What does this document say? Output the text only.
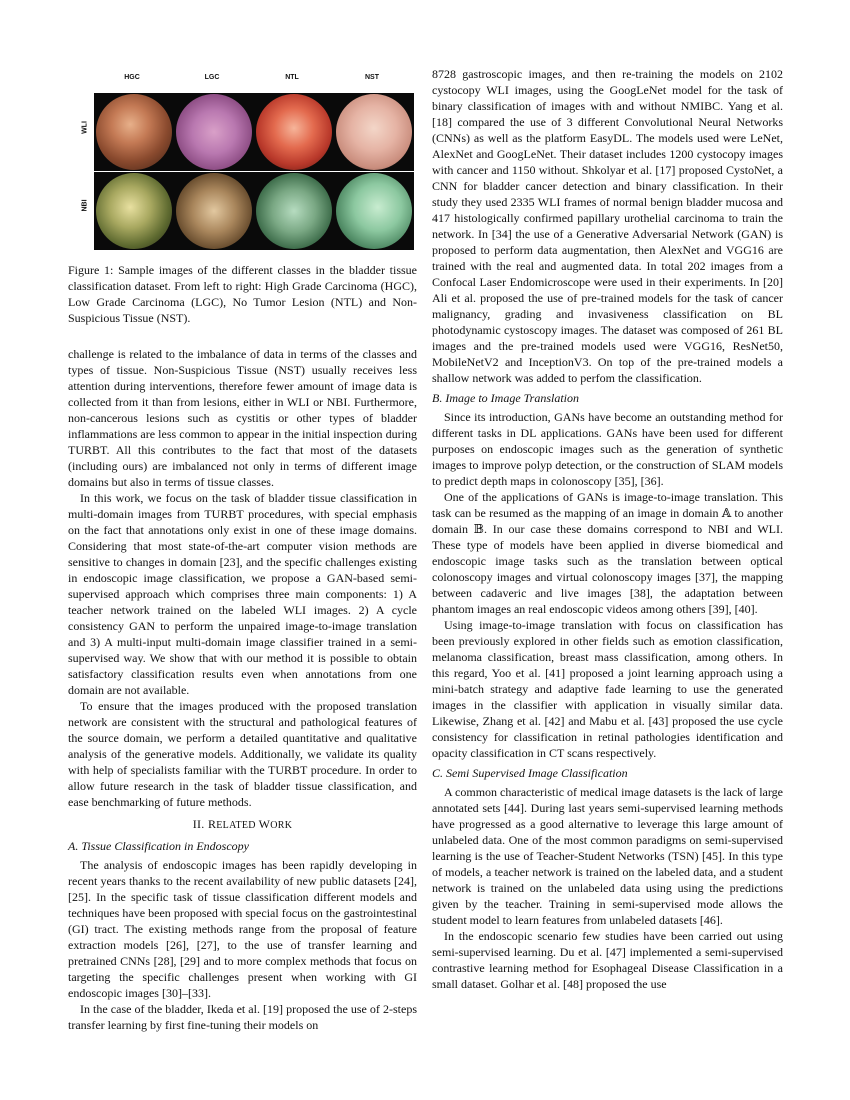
HGC	LGC	NTL	NST
WLI
NBI
Figure 1: Sample images of the different classes in the bladder tissue classification dataset. From left to right: High Grade Carcinoma (HGC), Low Grade Carcinoma (LGC), No Tumor Lesion (NTL) and Non-Suspicious Tissue (NST).

challenge is related to the imbalance of data in terms of the classes and types of tissue. Non-Suspicious Tissue (NST) usually receives less attention during interventions, therefore fewer amount of image data is collected from it than from lesions, either in WLI or NBI. Furthermore, non-cancerous lesions such as cystitis or other types of bladder inflammations are less common to appear in the initial inspection during TURBT. All this contributes to the fact that most of the datasets (including ours) are imbalanced not only in terms of different image domains but also in terms of tissue classes.

In this work, we focus on the task of bladder tissue classification in multi-domain images from TURBT procedures, with special emphasis on the fact that annotations only exist in one of these image domains. Considering that most state-of-the-art computer vision methods are sensitive to changes in domain [23], and the specific challenges existing in endoscopic image classification, we propose a GAN-based semi-supervised approach which comprises three main components: 1) A teacher network trained on the labeled WLI images. 2) A cycle consistency GAN to perform the unpaired image-to-image translation and 3) A multi-input multi-domain image classifier trained in a semi-supervised way. We show that with our method it is possible to obtain satisfactory classification results even when annotations from one domain are not available.

To ensure that the images produced with the proposed translation network are consistent with the structural and pathological features of the source domain, we perform a detailed quantitative and qualitative analysis of the generative models. Additionally, we validate its quality with help of specialists familiar with the TURBT procedure. In order to allow future research in the task of bladder tissue classification, and ease benchmarking of future methods.

II. RELATED WORK
A. Tissue Classification in Endoscopy

The analysis of endoscopic images has been rapidly developing in recent years thanks to the recent availability of new public datasets [24], [25]. In the specific task of tissue classification different models and techniques have been proposed with special focus on the gastrointestinal (GI) tract. The existing methods range from the proposal of feature extraction models [26], [27], to the use of transfer learning and pretrained CNNs [28], [29] and to more complex methods that focus on targeting the specific challenges present when working with GI endoscopic images [30]–[33].

In the case of the bladder, Ikeda et al. [19] proposed the use of 2-steps transfer learning by first fine-tuning their models on

8728 gastroscopic images, and then re-training the models on 2102 cystocopy WLI images, using the GoogLeNet model for the task of binary classification of images with and without NMIBC. Yang et al. [18] compared the use of 3 different Convolutional Neural Networks (CNNs) as well as the platform EasyDL. The models used were LeNet, AlexNet and GoogLeNet. Their dataset includes 1200 cystocopy images with cancer and 1150 without. Shkolyar et al. [17] proposed CystoNet, a CNN for bladder cancer detection and binary classification. In their study they used 2335 WLI frames of normal benign bladder mucosa and 417 histologically confirmed papillary urothelial carcinoma to train the network. In [34] the use of a Generative Adversarial Network (GAN) is proposed to perform data augmentation, then AlexNet and VGG16 are trained with the real and augmented data. In total 202 images from a Confocal Laser Endomicroscope were used in their experiments. In [20] Ali et al. proposed the use of pre-trained models for the task of cancer malignancy, grading and invasiveness classification on BL photodynamic cystoscopy images. The dataset was composed of 261 BL images and the pre-trained models used were VGG16, ResNet50, MobileNetV2 and InceptionV3. On top of the pre-trained models a shallow network was added to perfom the classification.

B. Image to Image Translation

Since its introduction, GANs have become an outstanding method for different tasks in DL applications. GANs have been used for different purposes on endoscopic images such as the generation of synthetic images to improve polyp detection, or the construction of SLAM models to predict depth maps in colonoscopy [35], [36].

One of the applications of GANs is image-to-image translation. This task can be resumed as the mapping of an image in domain 𝔸 to another domain 𝔹. In our case these domains correspond to NBI and WLI. These type of models have been applied in diverse biomedical and endoscopic image tasks such as the translation between optical colonoscopy images and virtual colonoscopy images [37], the mapping between cadaveric and live images [38], the adaptation between phantom images an real endoscopic videos among others [39], [40].

Using image-to-image translation with focus on classification has been previously explored in other fields such as emotion classification, melanoma classification, breast mass classification, among others. In this regard, Yoo et al. [41] proposed a joint learning approach using a mini-batch strategy and adaptive fade learning to use the generated images in the classifier with application in visually similar data. Likewise, Zhang et al. [42] and Mabu et al. [43] proposed the use cycle consistency for classification in retinal pathologies identification and opacity classification in CT scans respectively.

C. Semi Supervised Image Classification

A common characteristic of medical image datasets is the lack of large annotated sets [44]. During last years semi-supervised learning methods have progressed as a good alternative to leverage this large amount of unlabeled data. One of the most common paradigms on semi-supervised learning is the use of Teacher-Student Networks (TSN) [45]. In this type of models, a teacher network is trained on the labeled data, and a student network is trained on the unlabeled data using using the predictions given by the teacher. Training in semi-supervised mode allows the student model to learn features from unlabeled datasets [46].

In the endoscopic scenario few studies have been carried out using semi-supervised learning. Du et al. [47] implemented a semi-supervised contrastive learning method for Esophageal Disease Classification in a small dataset. Golhar et al. [48] proposed the use
